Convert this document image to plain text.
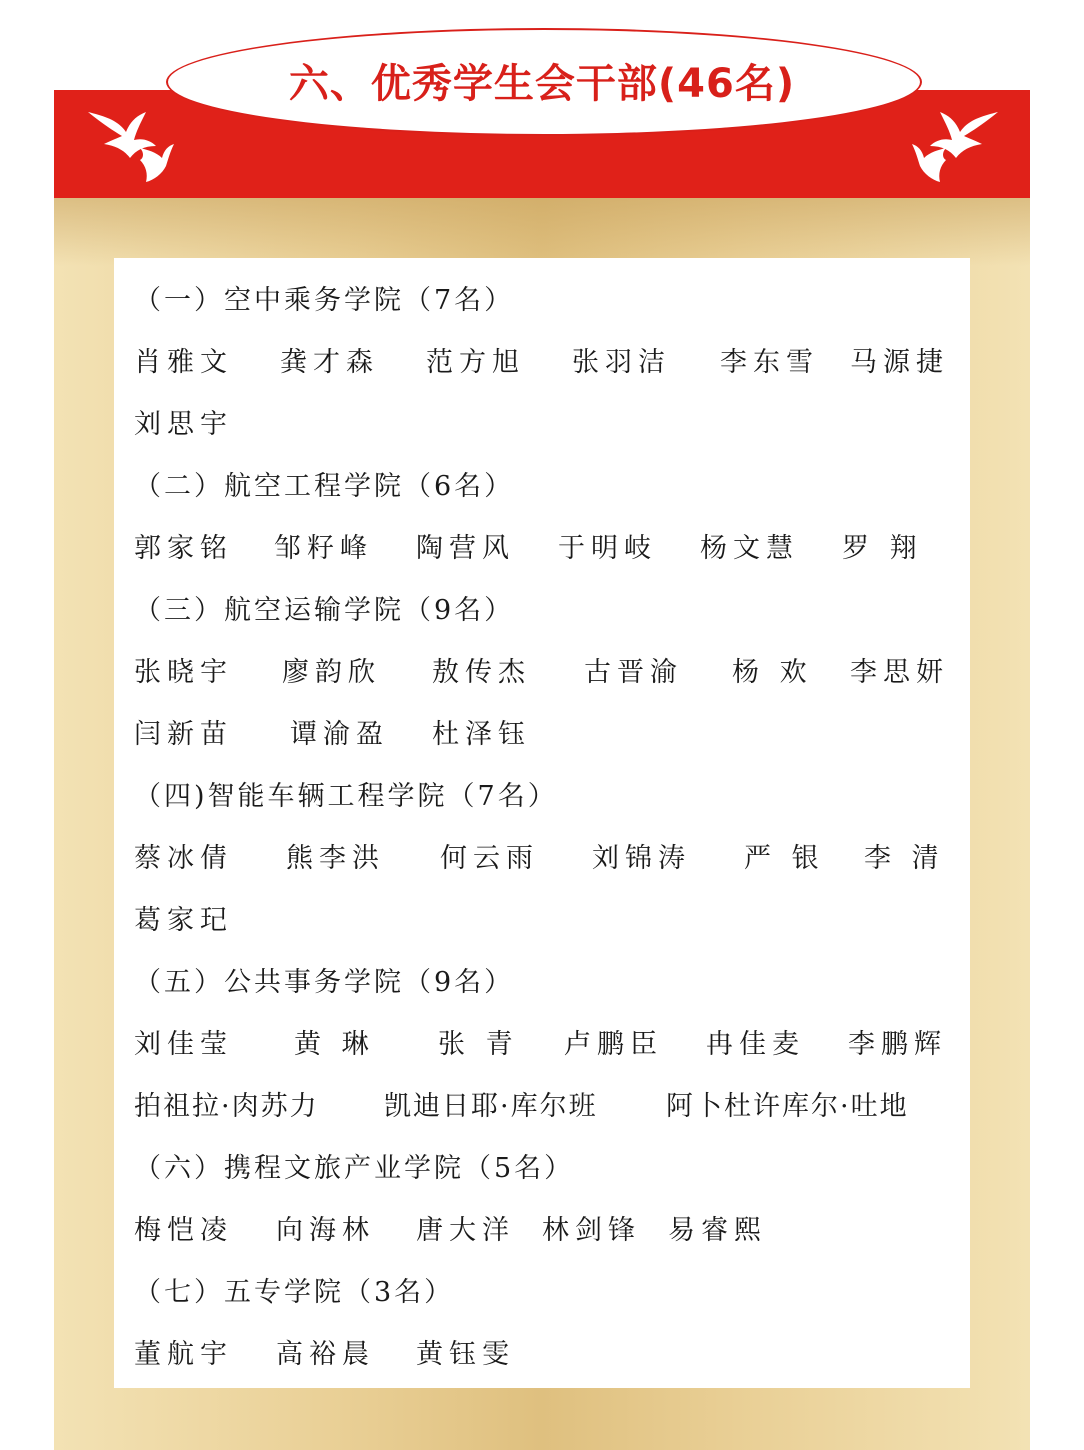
六、优秀学生会干部(46名)
（一）空中乘务学院（7名）
肖雅文 龚才森 范方旭 张羽洁 李东雪 马源捷
刘思宇
（二）航空工程学院（6名）
郭家铭 邹籽峰 陶营风 于明岐 杨文慧 罗 翔
（三）航空运输学院（9名）
张晓宇 廖韵欣 敖传杰 古晋渝 杨 欢 李思妍
闫新苗 谭渝盈 杜泽钰
（四)智能车辆工程学院（7名）
蔡冰倩 熊李洪 何云雨 刘锦涛 严 银 李 清
葛家玘
（五）公共事务学院（9名）
刘佳莹 黄 琳 张 青 卢鹏臣 冉佳麦 李鹏辉
拍祖拉·肉苏力 凯迪日耶·库尔班	阿卜杜许库尔·吐地
（六）携程文旅产业学院（5名）
梅恺凌 向海林 唐大洋 林剑锋 易睿熙
（七）五专学院（3名）
董航宇 高裕晨 黄钰雯
